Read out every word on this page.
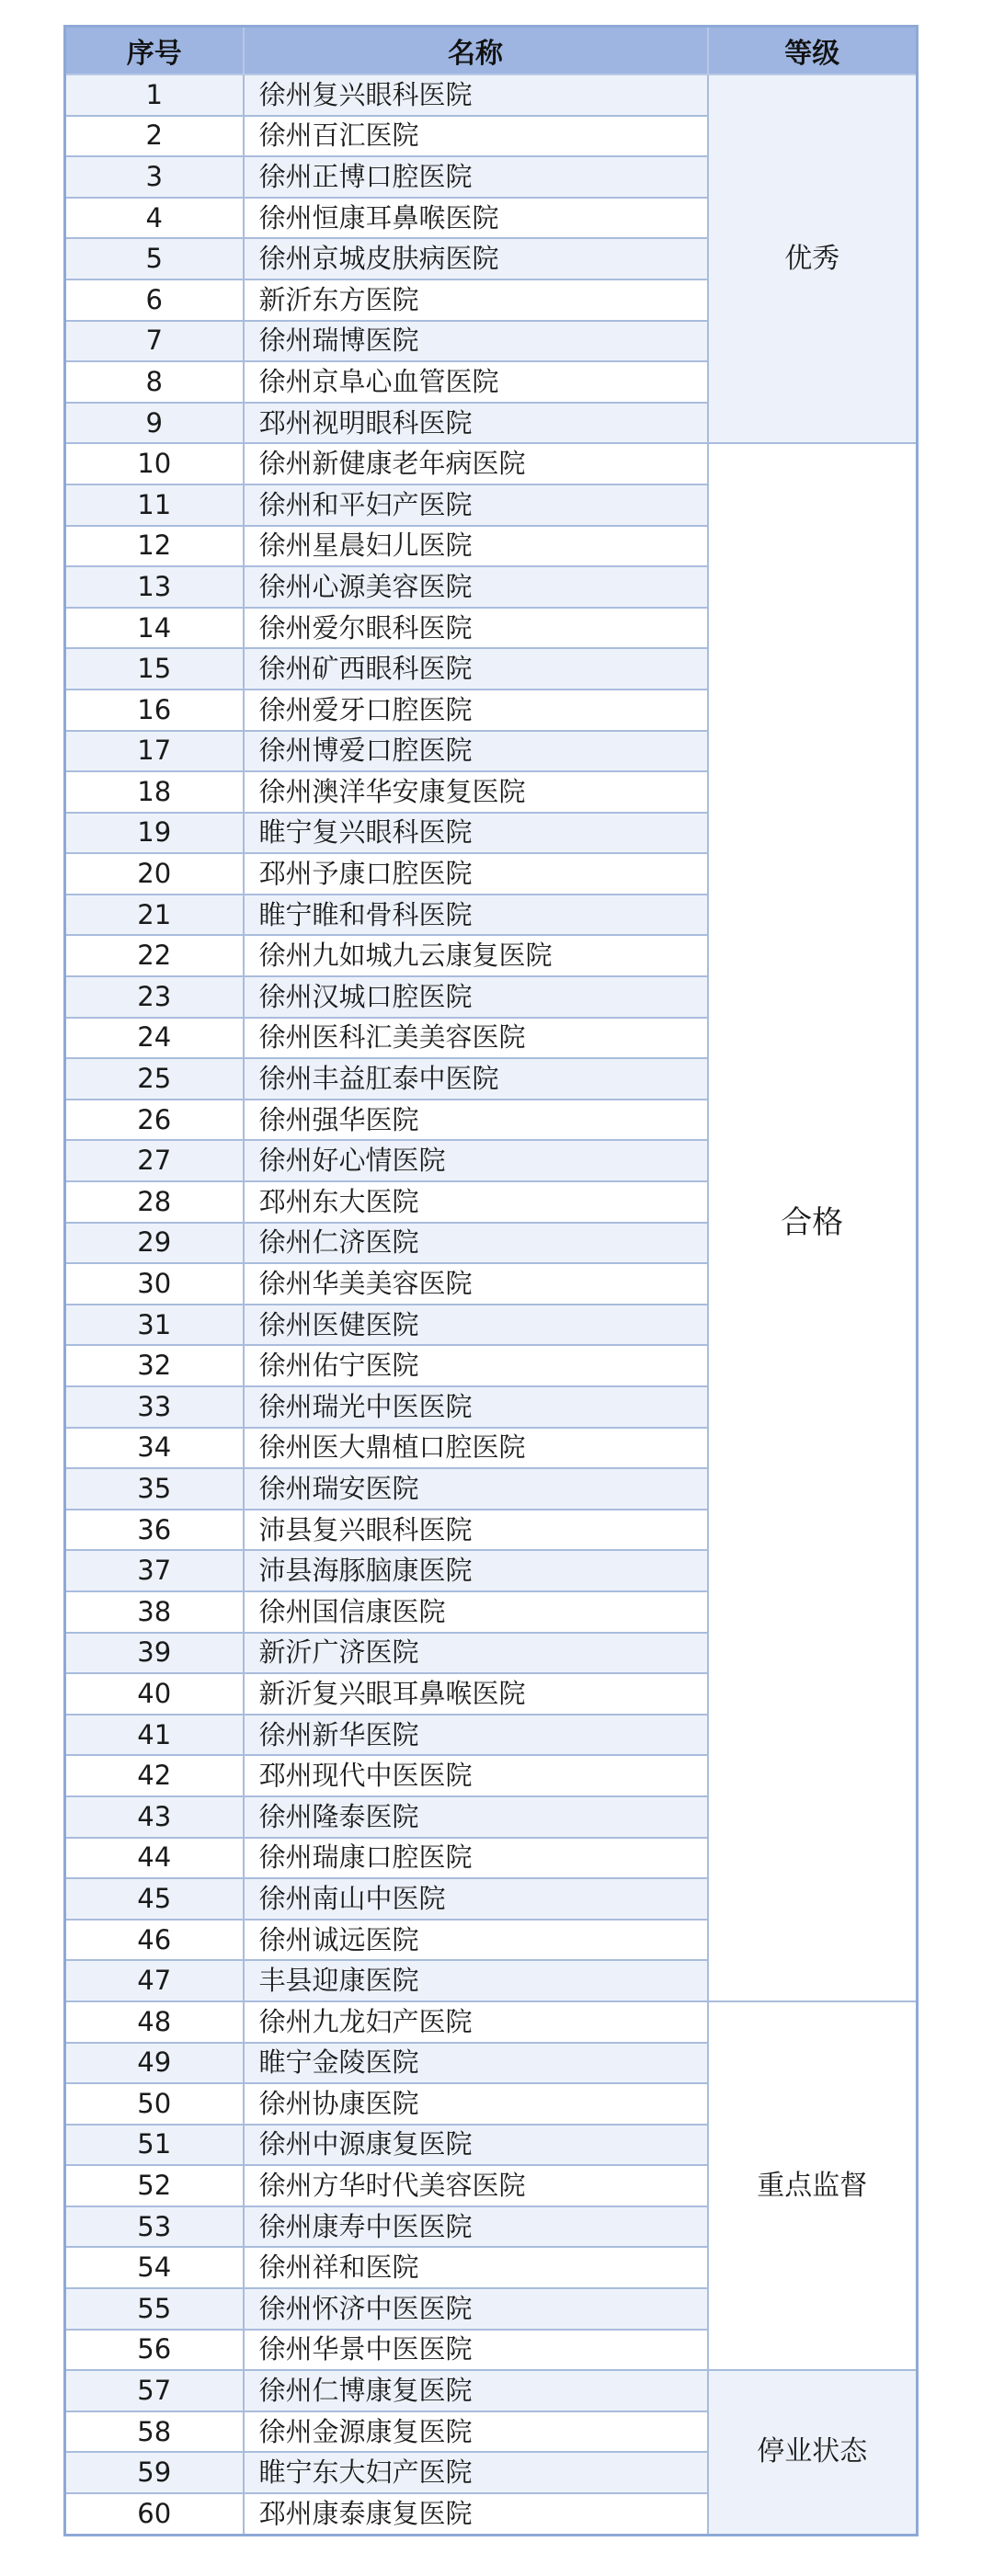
序号	名称	等级
1	徐州复兴眼科医院	优秀
2	徐州百汇医院	
3	徐州正博口腔医院	
4	徐州恒康耳鼻喉医院	
5	徐州京城皮肤病医院	
6	新沂东方医院	
7	徐州瑞博医院	
8	徐州京阜心血管医院	
9	邳州视明眼科医院	
10	徐州新健康老年病医院	合格
11	徐州和平妇产医院	
12	徐州星晨妇儿医院	
13	徐州心源美容医院	
14	徐州爱尔眼科医院	
15	徐州矿西眼科医院	
16	徐州爱牙口腔医院	
17	徐州博爱口腔医院	
18	徐州澳洋华安康复医院	
19	睢宁复兴眼科医院	
20	邳州予康口腔医院	
21	睢宁睢和骨科医院	
22	徐州九如城九云康复医院	
23	徐州汉城口腔医院	
24	徐州医科汇美美容医院	
25	徐州丰益肛泰中医院	
26	徐州强华医院	
27	徐州好心情医院	
28	邳州东大医院	
29	徐州仁济医院	
30	徐州华美美容医院	
31	徐州医健医院	
32	徐州佑宁医院	
33	徐州瑞光中医医院	
34	徐州医大鼎植口腔医院	
35	徐州瑞安医院	
36	沛县复兴眼科医院	
37	沛县海豚脑康医院	
38	徐州国信康医院	
39	新沂广济医院	
40	新沂复兴眼耳鼻喉医院	
41	徐州新华医院	
42	邳州现代中医医院	
43	徐州隆泰医院	
44	徐州瑞康口腔医院	
45	徐州南山中医院	
46	徐州诚远医院	
47	丰县迎康医院	
48	徐州九龙妇产医院	重点监督
49	睢宁金陵医院	
50	徐州协康医院	
51	徐州中源康复医院	
52	徐州方华时代美容医院	
53	徐州康寿中医医院	
54	徐州祥和医院	
55	徐州怀济中医医院	
56	徐州华景中医医院	
57	徐州仁博康复医院	停业状态
58	徐州金源康复医院	
59	睢宁东大妇产医院	
60	邳州康泰康复医院	
